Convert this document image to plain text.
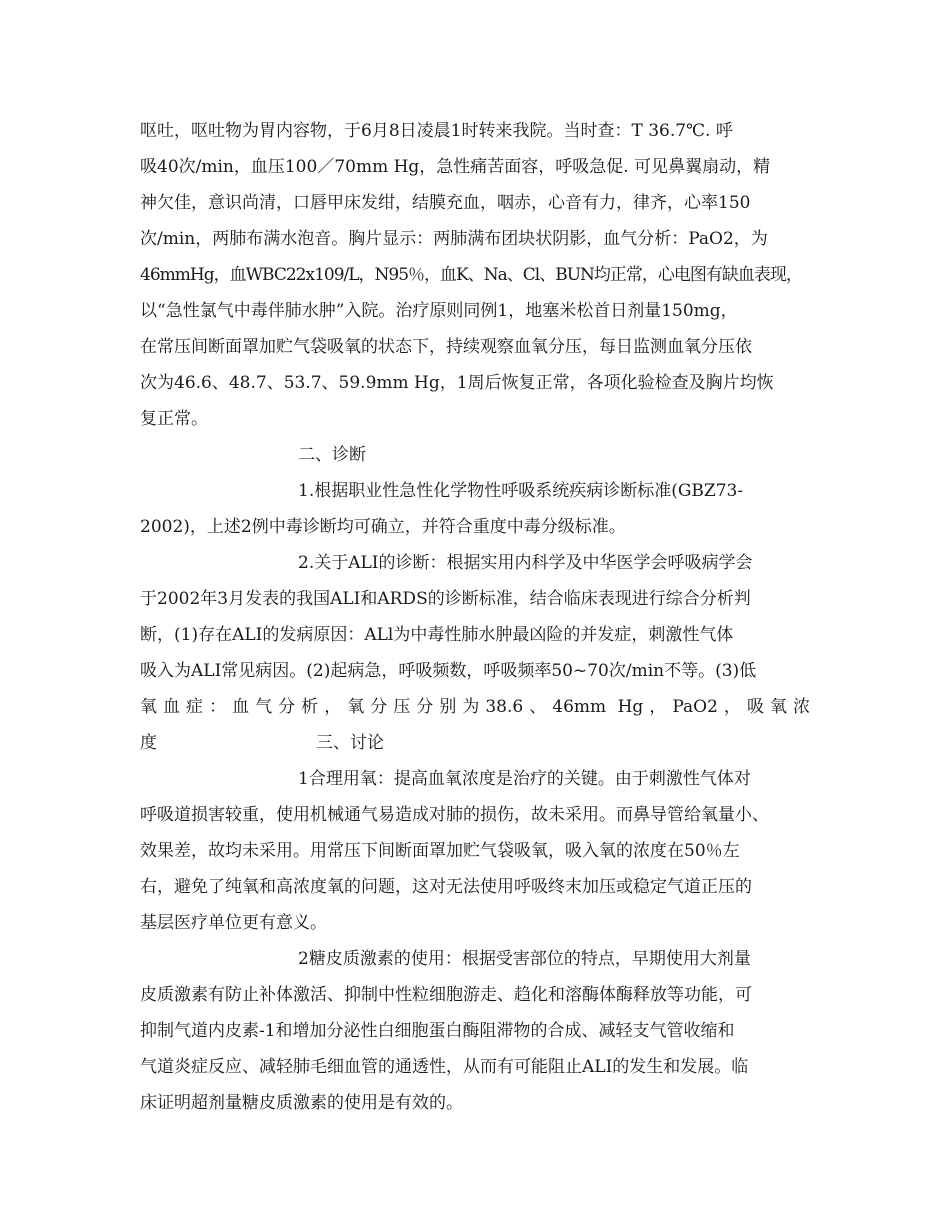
呕吐，呕吐物为胃内容物，于6月8日凌晨1时转来我院。当时查：T 36.7℃. 呼
吸40次/min，血压100／70mm Hg，急性痛苦面容，呼吸急促. 可见鼻翼扇动，精
神欠佳，意识尚清，口唇甲床发绀，结膜充血，咽赤，心音有力，律齐，心率150
次/min，两肺布满水泡音。胸片显示：两肺满布团块状阴影，血气分析：PaO2，为
46mmHg，血WBC22x109/L，N95％，血K、Na、Cl、BUN均正常，心电图有缺血表现，
以“急性氯气中毒伴肺水肿”入院。治疗原则同例1，地塞米松首日剂量150mg，
在常压间断面罩加贮气袋吸氧的状态下，持续观察血氧分压，每日监测血氧分压依
次为46.6、48.7、53.7、59.9mm Hg，1周后恢复正常，各项化验检查及胸片均恢
复正常。
二、诊断
1.根据职业性急性化学物性呼吸系统疾病诊断标准(GBZ73-
2002)，上述2例中毒诊断均可确立，并符合重度中毒分级标准。
2.关于ALI的诊断：根据实用内科学及中华医学会呼吸病学会
于2002年3月发表的我国ALI和ARDS的诊断标准，结合临床表现进行综合分析判
断，(1)存在ALI的发病原因：ALl为中毒性肺水肿最凶险的并发症，刺激性气体
吸入为ALI常见病因。(2)起病急，呼吸频数，呼吸频率50~70次/min不等。(3)低
氧血症：血气分析，氧分压分别为38.6、46mm Hg，PaO2，吸氧浓
度	三、讨论
1合理用氧：提高血氧浓度是治疗的关键。由于刺激性气体对
呼吸道损害较重，使用机械通气易造成对肺的损伤，故未采用。而鼻导管给氧量小、
效果差，故均未采用。用常压下间断面罩加贮气袋吸氧，吸入氧的浓度在50％左
右，避免了纯氧和高浓度氧的问题，这对无法使用呼吸终末加压或稳定气道正压的
基层医疗单位更有意义。
2糖皮质激素的使用：根据受害部位的特点，早期使用大剂量
皮质激素有防止补体激活、抑制中性粒细胞游走、趋化和溶酶体酶释放等功能，可
抑制气道内皮素-1和增加分泌性白细胞蛋白酶阻滞物的合成、减轻支气管收缩和
气道炎症反应、减轻肺毛细血管的通透性，从而有可能阻止ALI的发生和发展。临
床证明超剂量糖皮质激素的使用是有效的。
